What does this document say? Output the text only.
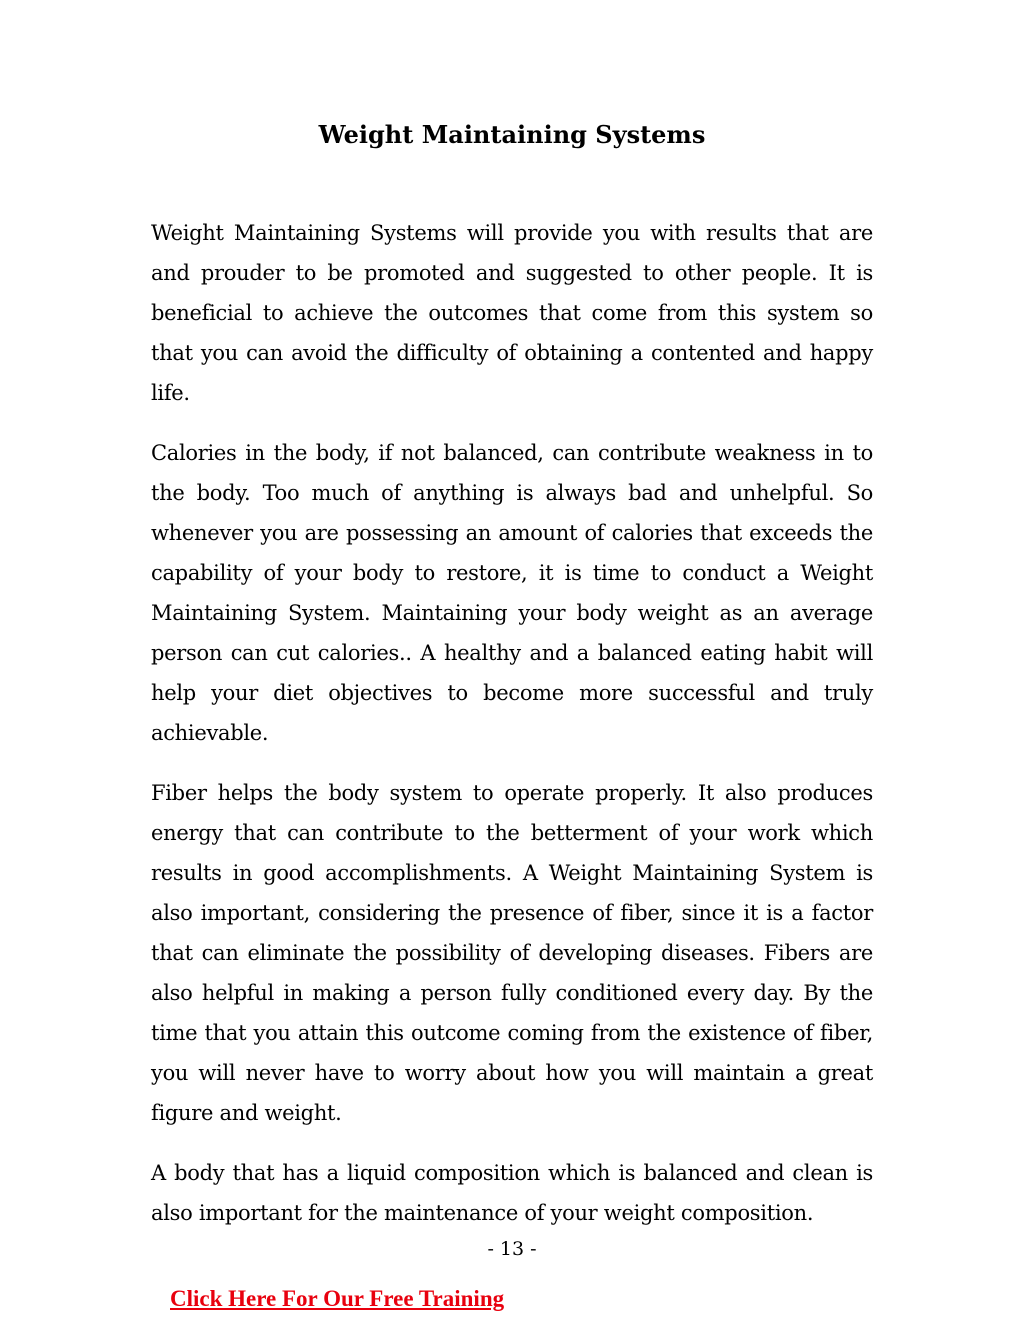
Weight Maintaining Systems

Weight Maintaining Systems will provide you with results that are and prouder to be promoted and suggested to other people. It is beneficial to achieve the outcomes that come from this system so that you can avoid the difficulty of obtaining a contented and happy life.

Calories in the body, if not balanced, can contribute weakness in to the body. Too much of anything is always bad and unhelpful. So whenever you are possessing an amount of calories that exceeds the capability of your body to restore, it is time to conduct a Weight Maintaining System. Maintaining your body weight as an average person can cut calories.. A healthy and a balanced eating habit will help your diet objectives to become more successful and truly achievable.

Fiber helps the body system to operate properly. It also produces energy that can contribute to the betterment of your work which results in good accomplishments. A Weight Maintaining System is also important, considering the presence of fiber, since it is a factor that can eliminate the possibility of developing diseases. Fibers are also helpful in making a person fully conditioned every day. By the time that you attain this outcome coming from the existence of fiber, you will never have to worry about how you will maintain a great figure and weight.

A body that has a liquid composition which is balanced and clean is also important for the maintenance of your weight composition.

- 13 -
Click Here For Our Free Training
